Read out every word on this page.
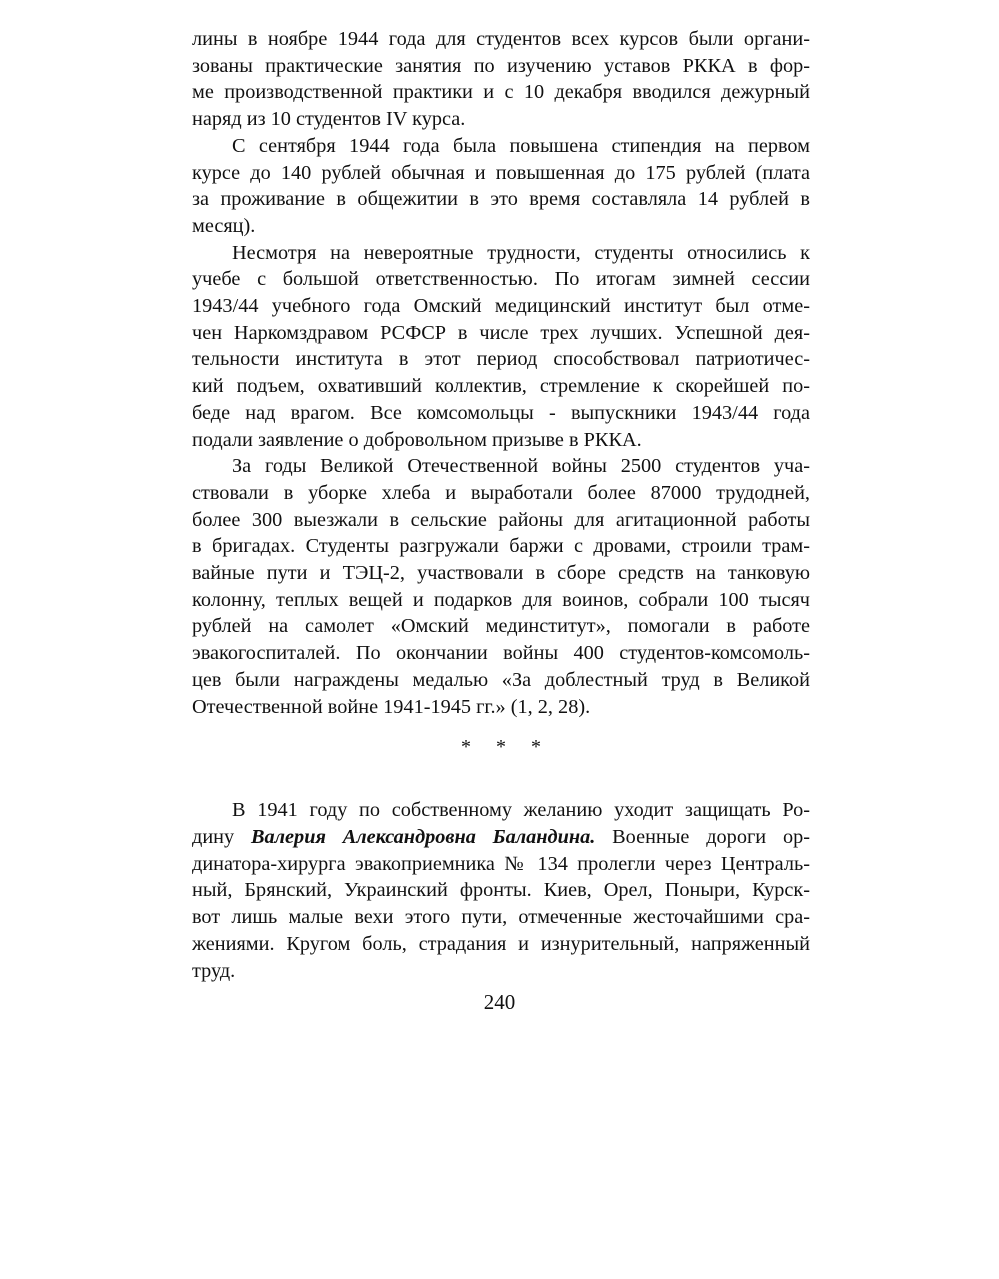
лины в ноябре 1944 года для студентов всех курсов были органи-
зованы практические занятия по изучению уставов РККА в фор-
ме производственной практики и с 10 декабря вводился дежурный
наряд из 10 студентов IV курса.

С сентября 1944 года была повышена стипендия на первом
курсе до 140 рублей обычная и повышенная до 175 рублей (плата
за проживание в общежитии в это время составляла 14 рублей в
месяц).

Несмотря на невероятные трудности, студенты относились к
учебе с большой ответственностью. По итогам зимней сессии
1943/44 учебного года Омский медицинский институт был отме-
чен Наркомздравом РСФСР в числе трех лучших. Успешной дея-
тельности института в этот период способствовал патриотичес-
кий подъем, охвативший коллектив, стремление к скорейшей по-
беде над врагом. Все комсомольцы - выпускники 1943/44 года
подали заявление о добровольном призыве в РККА.

За годы Великой Отечественной войны 2500 студентов уча-
ствовали в уборке хлеба и выработали более 87000 трудодней,
более 300 выезжали в сельские районы для агитационной работы
в бригадах. Студенты разгружали баржи с дровами, строили трам-
вайные пути и ТЭЦ-2, участвовали в сборе средств на танковую
колонну, теплых вещей и подарков для воинов, собрали 100 тысяч
рублей на самолет «Омский мединститут», помогали в работе
эвакогоспиталей. По окончании войны 400 студентов-комсомоль-
цев были награждены медалью «За доблестный труд в Великой
Отечественной войне 1941-1945 гг.» (1, 2, 28).

* * *

В 1941 году по собственному желанию уходит защищать Ро-
дину Валерия Александровна Баландина. Военные дороги ор-
динатора-хирурга эвакоприемника № 134 пролегли через Централь-
ный, Брянский, Украинский фронты. Киев, Орел, Поныри, Курск-
вот лишь малые вехи этого пути, отмеченные жесточайшими сра-
жениями. Кругом боль, страдания и изнурительный, напряженный
труд.

240
